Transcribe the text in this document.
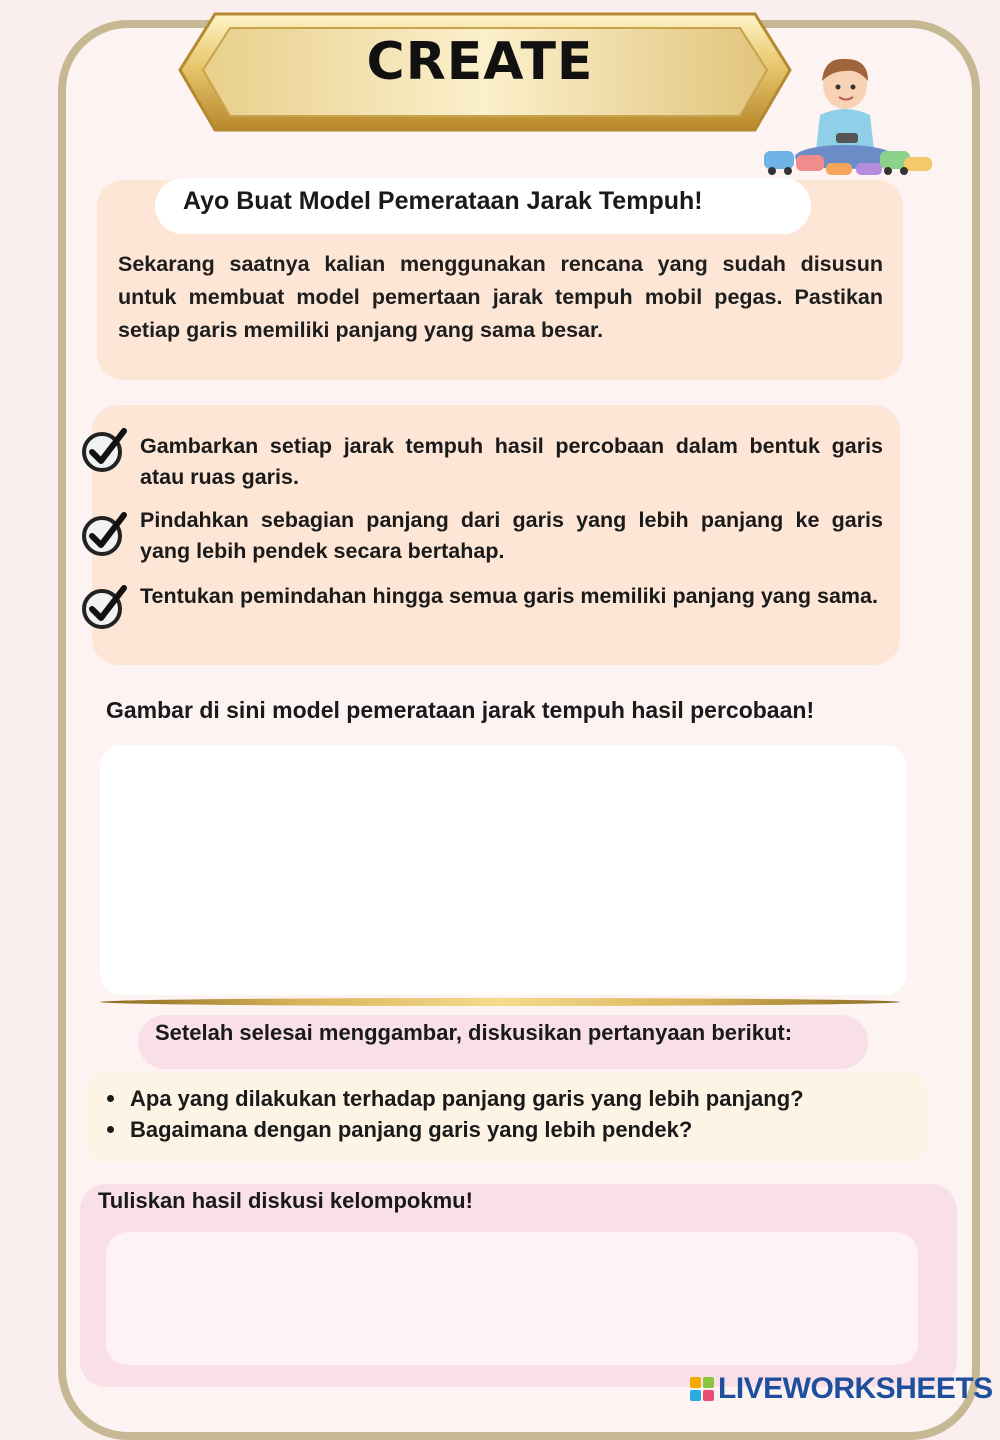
CREATE
Ayo Buat Model Pemerataan Jarak Tempuh!
Sekarang saatnya kalian menggunakan rencana yang sudah disusun untuk membuat model pemertaan jarak tempuh mobil pegas. Pastikan setiap garis memiliki panjang yang sama besar.
Gambarkan setiap jarak tempuh hasil percobaan dalam bentuk garis atau ruas garis.
Pindahkan sebagian panjang dari garis yang lebih panjang ke garis yang lebih pendek secara bertahap.
Tentukan pemindahan hingga semua garis memiliki panjang yang sama.
Gambar di sini model pemerataan jarak tempuh hasil percobaan!
Setelah selesai menggambar, diskusikan pertanyaan berikut:
Apa yang dilakukan terhadap panjang garis yang lebih panjang?
Bagaimana dengan panjang garis yang lebih pendek?
Tuliskan hasil diskusi kelompokmu!
LIVEWORKSHEETS
